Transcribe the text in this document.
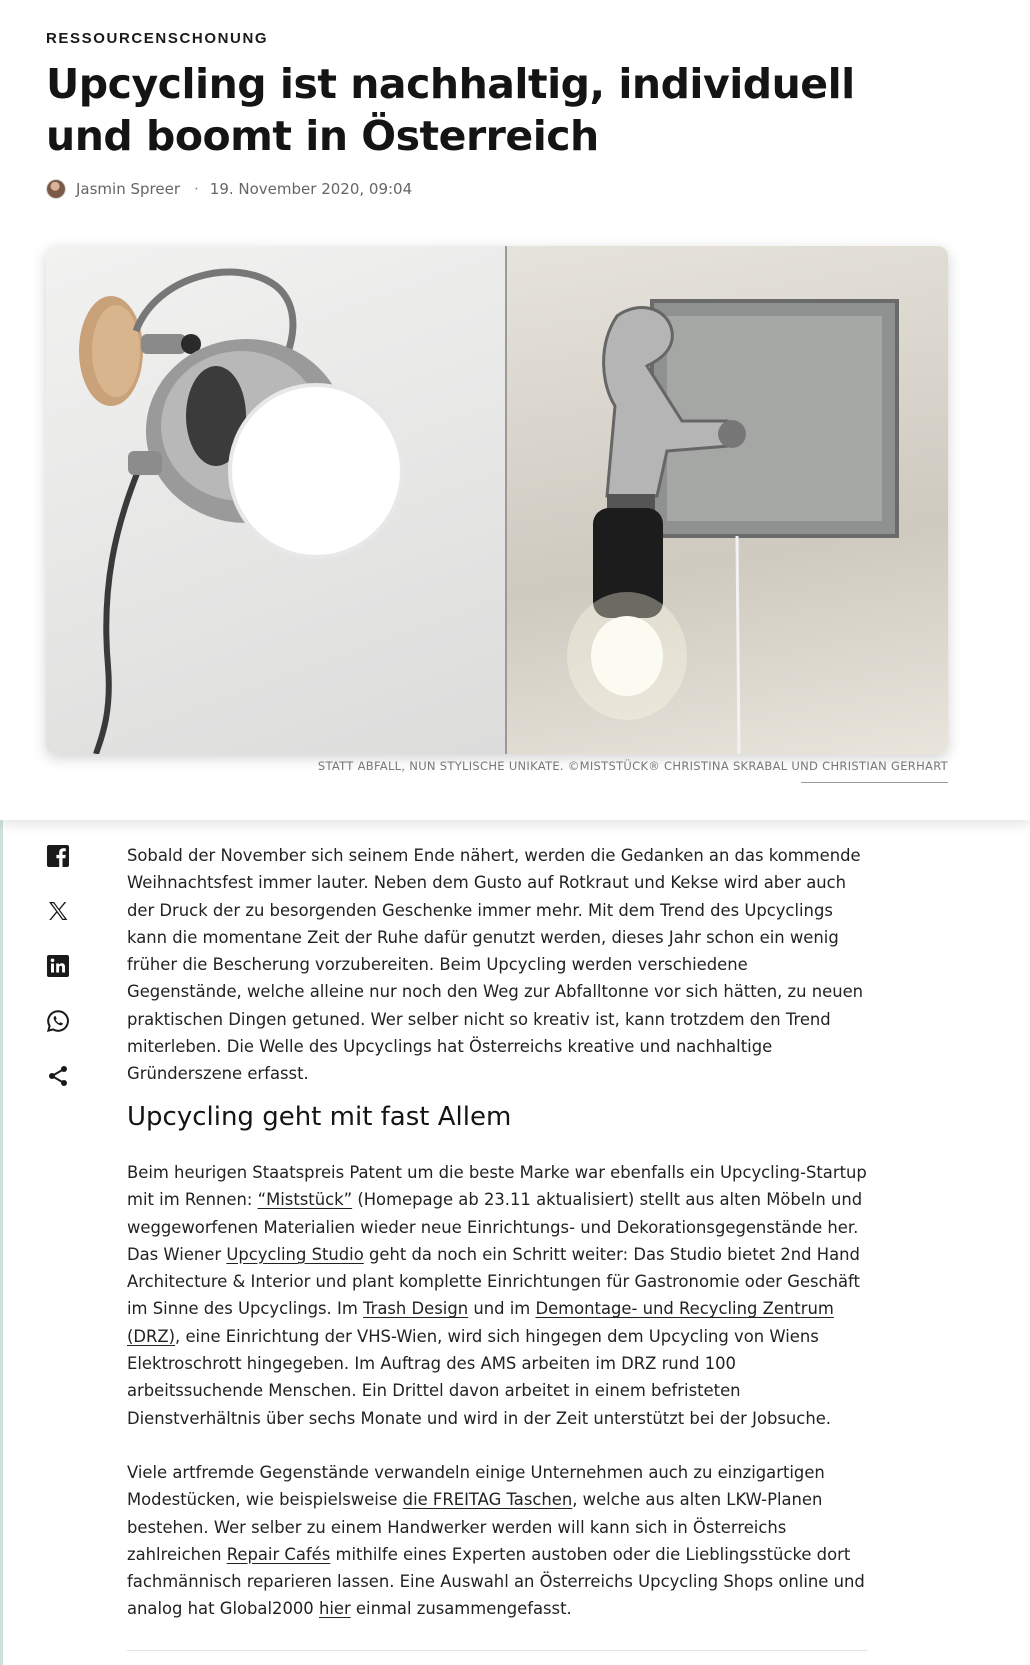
RESSOURCENSCHONUNG
Upcycling ist nachhaltig, individuell und boomt in Österreich
Jasmin Spreer · 19. November 2020, 09:04
STATT ABFALL, NUN STYLISCHE UNIKATE. ©MISTSTÜCK® CHRISTINA SKRABAL UND CHRISTIAN GERHART

Sobald der November sich seinem Ende nähert, werden die Gedanken an das kommende Weihnachtsfest immer lauter. Neben dem Gusto auf Rotkraut und Kekse wird aber auch der Druck der zu besorgenden Geschenke immer mehr. Mit dem Trend des Upcyclings kann die momentane Zeit der Ruhe dafür genutzt werden, dieses Jahr schon ein wenig früher die Bescherung vorzubereiten. Beim Upcycling werden verschiedene Gegenstände, welche alleine nur noch den Weg zur Abfalltonne vor sich hätten, zu neuen praktischen Dingen getuned. Wer selber nicht so kreativ ist, kann trotzdem den Trend miterleben. Die Welle des Upcyclings hat Österreichs kreative und nachhaltige Gründerszene erfasst.

Upcycling geht mit fast Allem

Beim heurigen Staatspreis Patent um die beste Marke war ebenfalls ein Upcycling-Startup mit im Rennen: “Miststück” (Homepage ab 23.11 aktualisiert) stellt aus alten Möbeln und weggeworfenen Materialien wieder neue Einrichtungs- und Dekorationsgegenstände her. Das Wiener Upcycling Studio geht da noch ein Schritt weiter: Das Studio bietet 2nd Hand Architecture & Interior und plant komplette Einrichtungen für Gastronomie oder Geschäft im Sinne des Upcyclings. Im Trash Design und im Demontage- und Recycling Zentrum (DRZ), eine Einrichtung der VHS-Wien, wird sich hingegen dem Upcycling von Wiens Elektroschrott hingegeben. Im Auftrag des AMS arbeiten im DRZ rund 100 arbeitssuchende Menschen. Ein Drittel davon arbeitet in einem befristeten Dienstverhältnis über sechs Monate und wird in der Zeit unterstützt bei der Jobsuche.

Viele artfremde Gegenstände verwandeln einige Unternehmen auch zu einzigartigen Modestücken, wie beispielsweise die FREITAG Taschen, welche aus alten LKW-Planen bestehen. Wer selber zu einem Handwerker werden will kann sich in Österreichs zahlreichen Repair Cafés mithilfe eines Experten austoben oder die Lieblingsstücke dort fachmännisch reparieren lassen. Eine Auswahl an Österreichs Upcycling Shops online und analog hat Global2000 hier einmal zusammengefasst.
